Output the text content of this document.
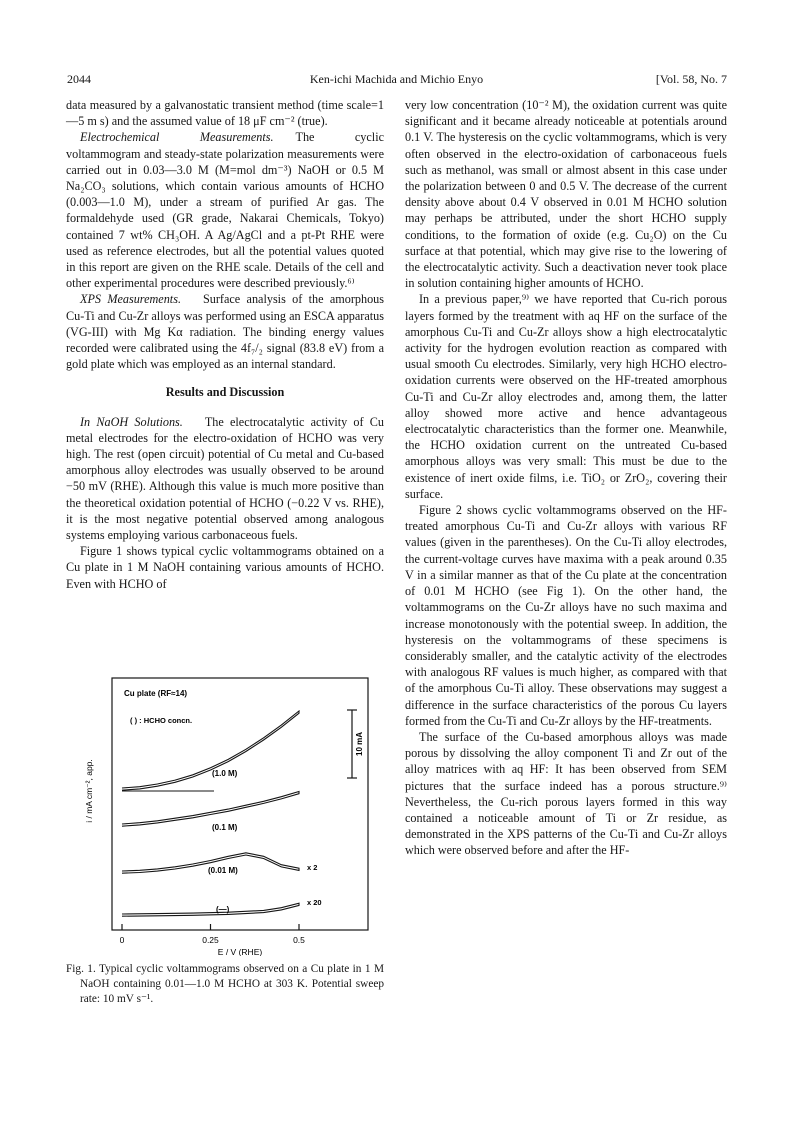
2044	Ken-ichi Machida and Michio Enyo	[Vol. 58, No. 7

data measured by a galvanostatic transient method (time scale=1—5 m s) and the assumed value of 18 μF cm⁻² (true).

Electrochemical Measurements. The cyclic voltammogram and steady-state polarization measurements were carried out in 0.03—3.0 M (M=mol dm⁻³) NaOH or 0.5 M Na₂CO₃ solutions, which contain various amounts of HCHO (0.003—1.0 M), under a stream of purified Ar gas. The formaldehyde used (GR grade, Nakarai Chemicals, Tokyo) contained 7 wt% CH₃OH. A Ag/AgCl and a pt-Pt RHE were used as reference electrodes, but all the potential values quoted in this report are given on the RHE scale. Details of the cell and other experimental procedures were described previously.⁶⁾

XPS Measurements. Surface analysis of the amorphous Cu-Ti and Cu-Zr alloys was performed using an ESCA apparatus (VG-III) with Mg Kα radiation. The binding energy values recorded were calibrated using the 4f₇/₂ signal (83.8 eV) from a gold plate which was employed as an internal standard.

Results and Discussion

In NaOH Solutions. The electrocatalytic activity of Cu metal electrodes for the electro-oxidation of HCHO was very high. The rest (open circuit) potential of Cu metal and Cu-based amorphous alloy electrodes was usually observed to be around −50 mV (RHE). Although this value is much more positive than the theoretical oxidation potential of HCHO (−0.22 V vs. RHE), it is the most negative potential observed among analogous systems employing various carbonaceous fuels.

Figure 1 shows typical cyclic voltammograms obtained on a Cu plate in 1 M NaOH containing various amounts of HCHO. Even with HCHO of

0	0.25	0.5
E / V (RHE)
i / mA cm⁻², app.
Cu plate (RF≈14)
( ) : HCHO concn.
10 mA
(1.0 M)
(0.1 M)
(0.01 M)	x 2
(—)
x 20
Fig. 1. Typical cyclic voltammograms observed on a Cu plate in 1 M NaOH containing 0.01—1.0 M HCHO at 303 K. Potential sweep rate: 10 mV s⁻¹.

very low concentration (10⁻² M), the oxidation current was quite significant and it became already noticeable at potentials around 0.1 V. The hysteresis on the cyclic voltammograms, which is very often observed in the electro-oxidation of carbonaceous fuels such as methanol, was small or almost absent in this case under the polarization between 0 and 0.5 V. The decrease of the current density above about 0.4 V observed in 0.01 M HCHO solution may perhaps be attributed, under the short HCHO supply conditions, to the formation of oxide (e.g. Cu₂O) on the Cu surface at that potential, which may give rise to the lowering of the electrocatalytic activity. Such a deactivation never took place in solution containing higher amounts of HCHO.

In a previous paper,⁹⁾ we have reported that Cu-rich porous layers formed by the treatment with aq HF on the surface of the amorphous Cu-Ti and Cu-Zr alloys show a high electrocatalytic activity for the hydrogen evolution reaction as compared with usual smooth Cu electrodes. Similarly, very high HCHO electro-oxidation currents were observed on the HF-treated amorphous Cu-Ti and Cu-Zr alloy electrodes and, among them, the latter alloy showed more active and hence advantageous electrocatalytic characteristics than the former one. Meanwhile, the HCHO oxidation current on the untreated Cu-based amorphous alloys was very small: This must be due to the existence of inert oxide films, i.e. TiO₂ or ZrO₂, covering their surface.

Figure 2 shows cyclic voltammograms observed on the HF-treated amorphous Cu-Ti and Cu-Zr alloys with various RF values (given in the parentheses). On the Cu-Ti alloy electrodes, the current-voltage curves have maxima with a peak around 0.35 V in a similar manner as that of the Cu plate at the concentration of 0.01 M HCHO (see Fig 1). On the other hand, the voltammograms on the Cu-Zr alloys have no such maxima and increase monotonously with the potential sweep. In addition, the hysteresis on the voltammograms of these specimens is considerably smaller, and the catalytic activity of the electrodes with analogous RF values is much higher, as compared with that of the amorphous Cu-Ti alloy. These observations may suggest a difference in the surface characteristics of the porous Cu layers formed from the Cu-Ti and Cu-Zr alloys by the HF-treatments.

The surface of the Cu-based amorphous alloys was made porous by dissolving the alloy component Ti and Zr out of the alloy matrices with aq HF: It has been observed from SEM pictures that the surface indeed has a porous structure.⁹⁾ Nevertheless, the Cu-rich porous layers formed in this way contained a noticeable amount of Ti or Zr residue, as demonstrated in the XPS patterns of the Cu-Ti and Cu-Zr alloys which were observed before and after the HF-
